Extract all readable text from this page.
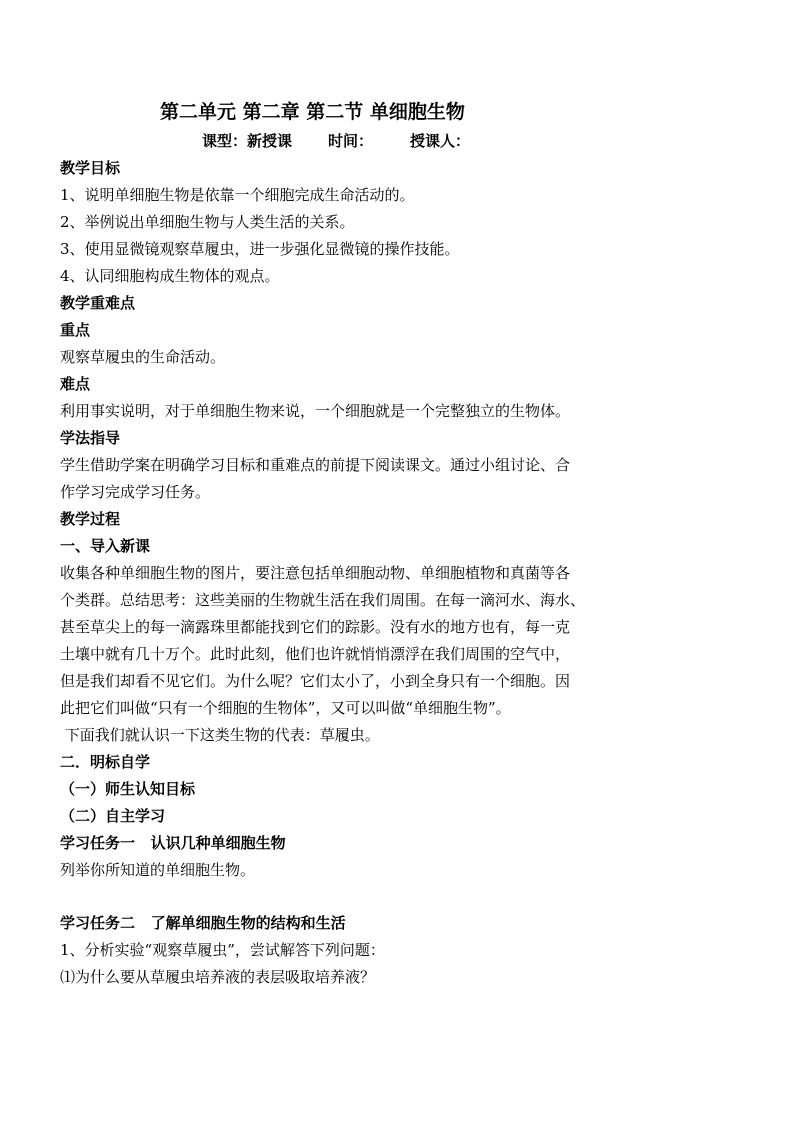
第二单元 第二章 第二节 单细胞生物
课型：新授课 时间： 授课人：
教学目标
1、说明单细胞生物是依靠一个细胞完成生命活动的。
2、举例说出单细胞生物与人类生活的关系。
3、使用显微镜观察草履虫，进一步强化显微镜的操作技能。
4、认同细胞构成生物体的观点。
教学重难点
重点
观察草履虫的生命活动。
难点
利用事实说明，对于单细胞生物来说，一个细胞就是一个完整独立的生物体。
学法指导
学生借助学案在明确学习目标和重难点的前提下阅读课文。通过小组讨论、合
作学习完成学习任务。
教学过程
一、导入新课
收集各种单细胞生物的图片，要注意包括单细胞动物、单细胞植物和真菌等各
个类群。总结思考：这些美丽的生物就生活在我们周围。在每一滴河水、海水、
甚至草尖上的每一滴露珠里都能找到它们的踪影。没有水的地方也有，每一克
土壤中就有几十万个。此时此刻，他们也许就悄悄漂浮在我们周围的空气中，
但是我们却看不见它们。为什么呢？它们太小了，小到全身只有一个细胞。因
此把它们叫做“只有一个细胞的生物体”，又可以叫做“单细胞生物”。
下面我们就认识一下这类生物的代表：草履虫。
二．明标自学
（一）师生认知目标
（二）自主学习
学习任务一   认识几种单细胞生物
列举你所知道的单细胞生物。
学习任务二   了解单细胞生物的结构和生活
1、分析实验“观察草履虫”，尝试解答下列问题：
⑴为什么要从草履虫培养液的表层吸取培养液？
